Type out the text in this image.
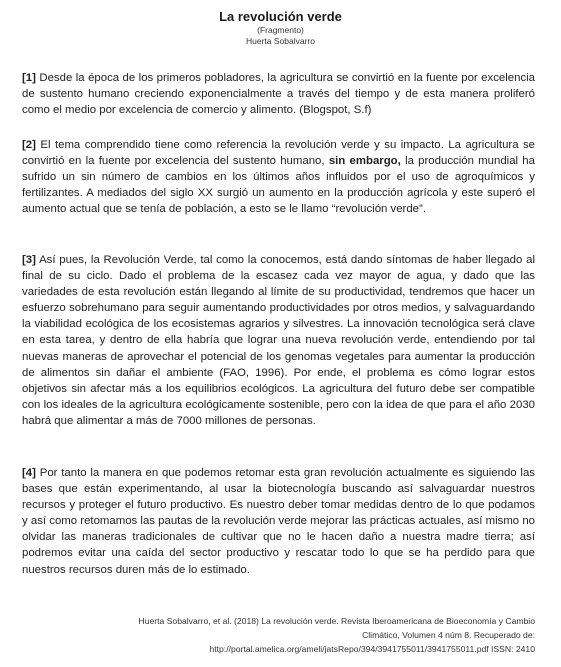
La revolución verde

(Fragmento)

Huerta Sobalvarro

[1] Desde la época de los primeros pobladores, la agricultura se convirtió en la fuente por excelencia de sustento humano creciendo exponencialmente a través del tiempo y de esta manera proliferó como el medio por excelencia de comercio y alimento. (Blogspot, S.f)

[2] El tema comprendido tiene como referencia la revolución verde y su impacto. La agricultura se convirtió en la fuente por excelencia del sustento humano, sin embargo, la producción mundial ha sufrido un sin número de cambios en los últimos años influidos por el uso de agroquímicos y fertilizantes. A mediados del siglo XX surgió un aumento en la producción agrícola y este superó el aumento actual que se tenía de población, a esto se le llamo “revolución verde”.

[3] Así pues, la Revolución Verde, tal como la conocemos, está dando síntomas de haber llegado al final de su ciclo. Dado el problema de la escasez cada vez mayor de agua, y dado que las variedades de esta revolución están llegando al límite de su productividad, tendremos que hacer un esfuerzo sobrehumano para seguir aumentando productividades por otros medios, y salvaguardando la viabilidad ecológica de los ecosistemas agrarios y silvestres. La innovación tecnológica será clave en esta tarea, y dentro de ella habría que lograr una nueva revolución verde, entendiendo por tal nuevas maneras de aprovechar el potencial de los genomas vegetales para aumentar la producción de alimentos sin dañar el ambiente (FAO, 1996). Por ende, el problema es cómo lograr estos objetivos sin afectar más a los equilibrios ecológicos. La agricultura del futuro debe ser compatible con los ideales de la agricultura ecológicamente sostenible, pero con la idea de que para el año 2030 habrá que alimentar a más de 7000 millones de personas.

[4] Por tanto la manera en que podemos retomar esta gran revolución actualmente es siguiendo las bases que están experimentando, al usar la biotecnología buscando así salvaguardar nuestros recursos y proteger el futuro productivo. Es nuestro deber tomar medidas dentro de lo que podamos y así como retomamos las pautas de la revolución verde mejorar las prácticas actuales, así mismo no olvidar las maneras tradicionales de cultivar que no le hacen daño a nuestra madre tierra; así podremos evitar una caída del sector productivo y rescatar todo lo que se ha perdido para que nuestros recursos duren más de lo estimado.

Huerta Sobalvarro, et al. (2018) La revolución verde. Revista Iberoamericana de Bioeconomía y Cambio
Climático, Volumen 4 núm 8. Recuperado de:
http://portal.amelica.org/ameli/jatsRepo/394/3941755011/3941755011.pdf ISSN: 2410
